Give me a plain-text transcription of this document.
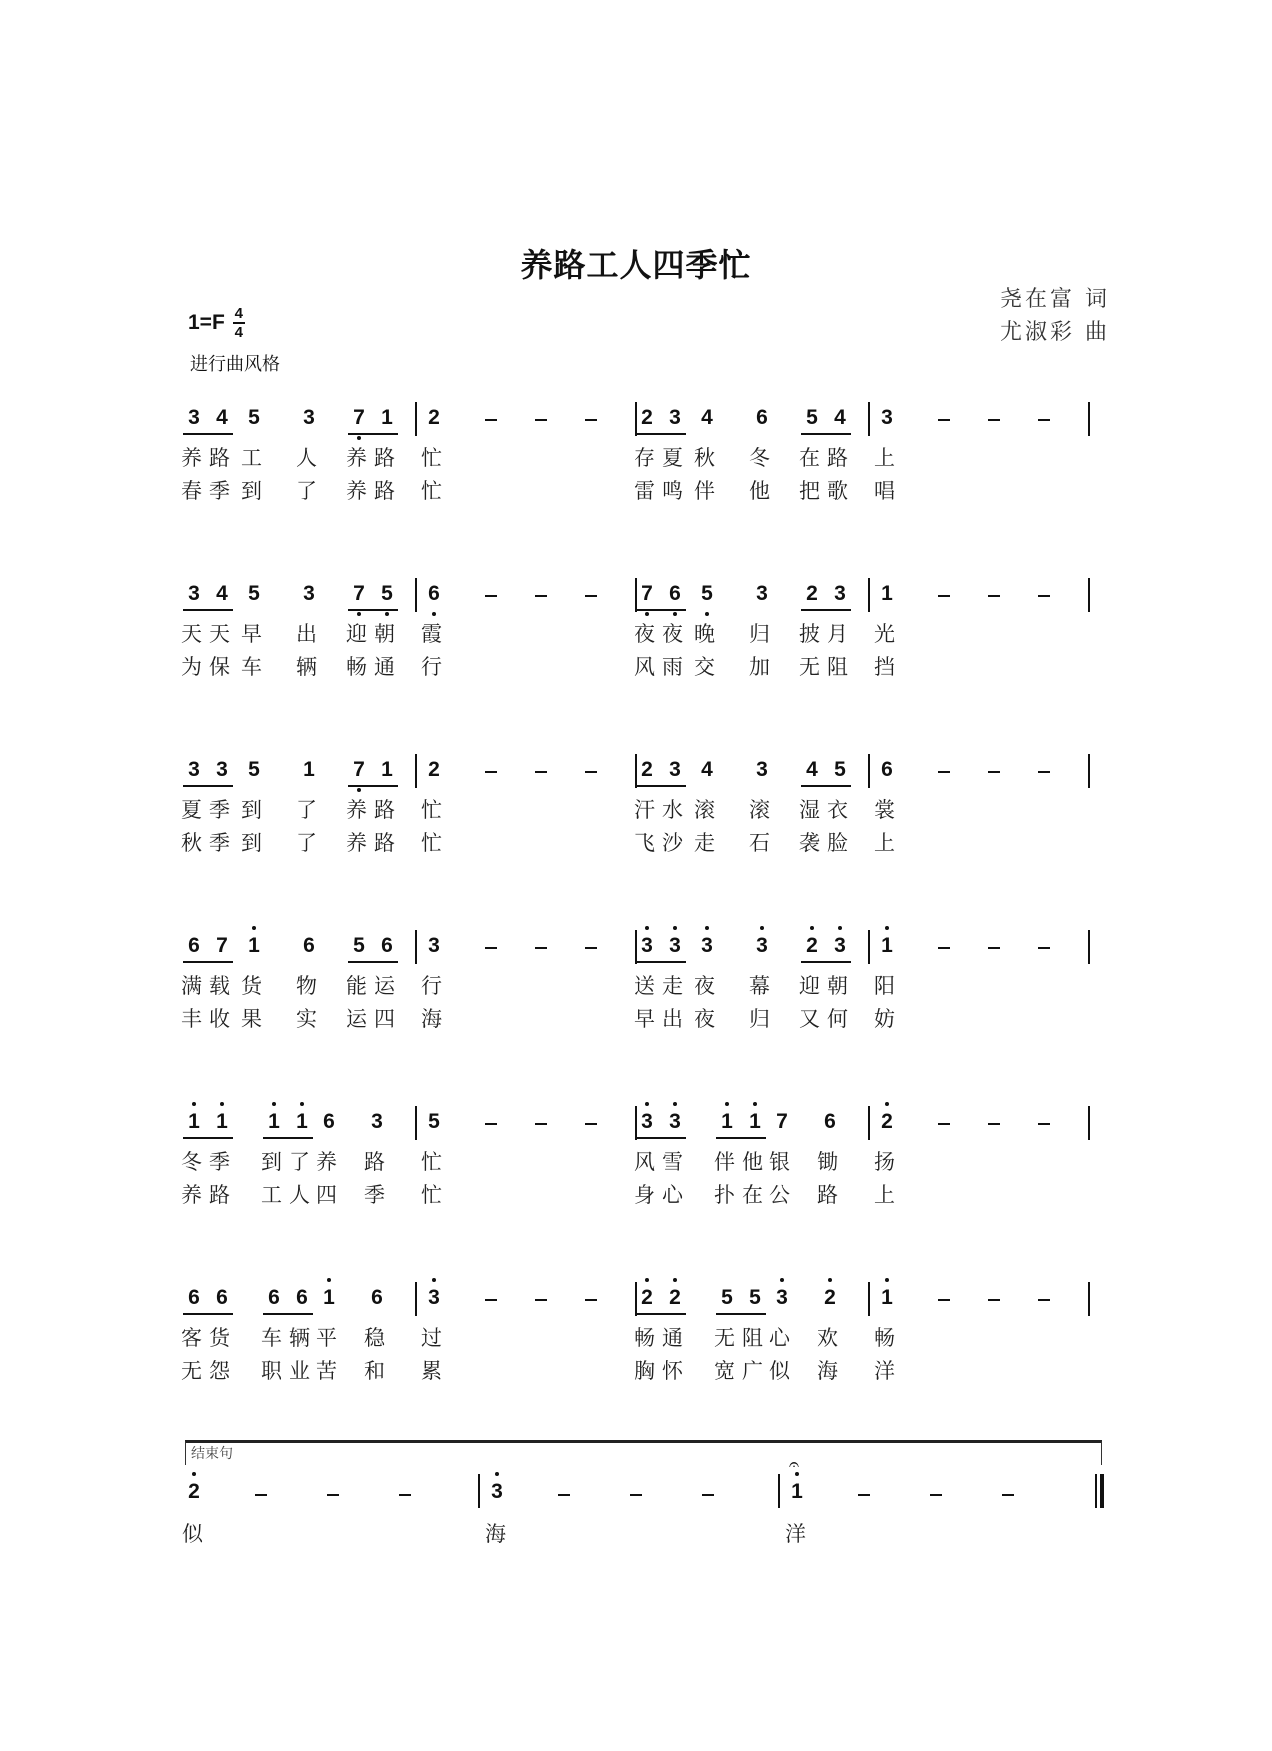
养路工人四季忙
尧在富 词
尤淑彩 曲
$1=F \frac{4}{4}$
进行曲风格
3 4 5 3 7 1 2
养 路 工 人 养 路 忙
春 季 到 了 养 路 忙
2 3 4 6 5 4 3
存 夏 秋 冬 在 路 上
雷 鸣 伴 他 把 歌 唱
3 4 5 3 7 5 6
天 天 早 出 迎 朝 霞
为 保 车 辆 畅 通 行
7 6 5 3 2 3 1
夜 夜 晚 归 披 月 光
风 雨 交 加 无 阻 挡
3 3 5 1 7 1 2
夏 季 到 了 养 路 忙
秋 季 到 了 养 路 忙
2 3 4 3 4 5 6
汗 水 滚 滚 湿 衣 裳
飞 沙 走 石 袭 脸 上
6 7 1 6 5 6 3
满 载 货 物 能 运 行
丰 收 果 实 运 四 海
3 3 3 3 2 3 1
送 走 夜 幕 迎 朝 阳
早 出 夜 归 又 何 妨
1 1 1 1 6 3 5
冬 季 到 了 养 路 忙
养 路 工 人 四 季 忙
3 3 1 1 7 6 2
风 雪 伴 他 银 锄 扬
身 心 扑 在 公 路 上
6 6 6 6 1 6 3
客 货 车 辆 平 稳 过
无 怨 职 业 苦 和 累
2 2 5 5 3 2 1
畅 通 无 阻 心 欢 畅
胸 怀 宽 广 似 海 洋
结束句
2
似
3
海
1
𝄐
洋
